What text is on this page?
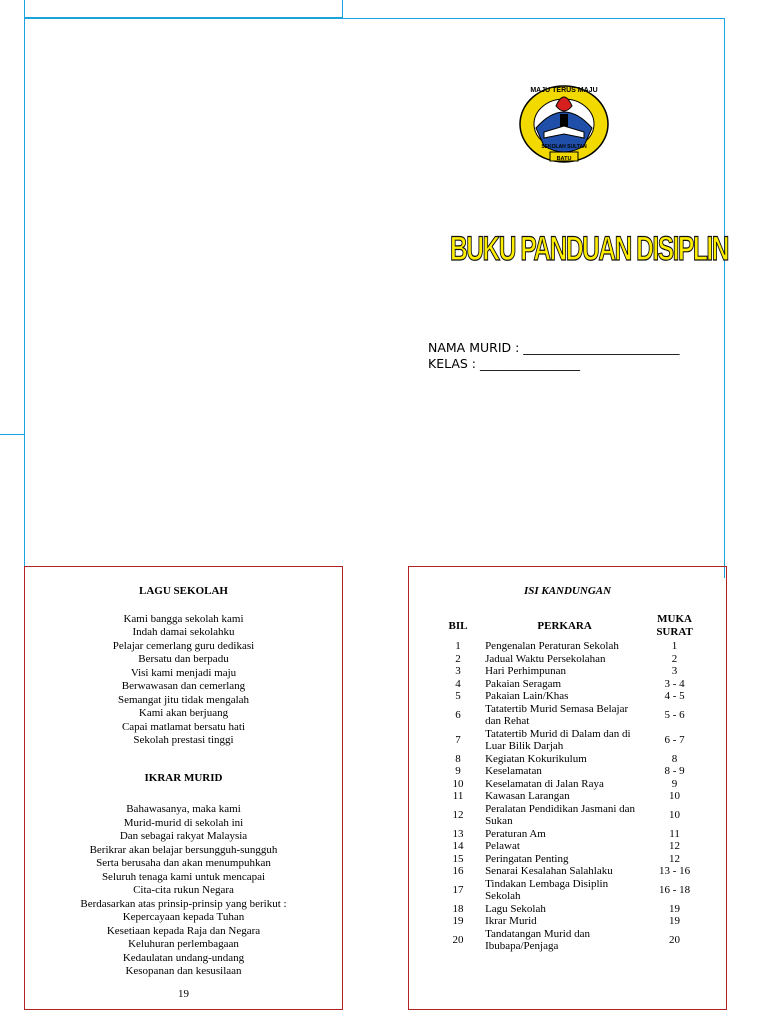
MAJU TERUS MAJU
BATU
SEKOLAH SULTAN
BUKU PANDUAN DISIPLIN
NAMA MURID : _________________________
KELAS : ________________
LAGU SEKOLAH
Kami bangga sekolah kami
Indah damai sekolahku
Pelajar cemerlang guru dedikasi
Bersatu dan berpadu
Visi kami menjadi maju
Berwawasan dan cemerlang
Semangat jitu tidak mengalah
Kami akan berjuang
Capai matlamat bersatu hati
Sekolah prestasi tinggi
IKRAR MURID
Bahawasanya, maka kami
Murid-murid di sekolah ini
Dan sebagai rakyat Malaysia
Berikrar akan belajar bersungguh-sungguh
Serta berusaha dan akan menumpuhkan
Seluruh tenaga kami untuk mencapai
Cita-cita rukun Negara
Berdasarkan atas prinsip-prinsip yang berikut :
Kepercayaan kepada Tuhan
Kesetiaan kepada Raja dan Negara
Keluhuran perlembagaan
Kedaulatan undang-undang
Kesopanan dan kesusilaan
19
ISI KANDUNGAN
BIL	PERKARA	MUKA SURAT
1	Pengenalan Peraturan Sekolah	1
2	Jadual Waktu Persekolahan	2
3	Hari Perhimpunan	3
4	Pakaian Seragam	3 - 4
5	Pakaian Lain/Khas	4 - 5
6	Tatatertib Murid Semasa Belajar dan Rehat	5 - 6
7	Tatatertib Murid di Dalam dan di Luar Bilik Darjah	6 - 7
8	Kegiatan Kokurikulum	8
9	Keselamatan	8 - 9
10	Keselamatan di Jalan Raya	9
11	Kawasan Larangan	10
12	Peralatan Pendidikan Jasmani dan Sukan	10
13	Peraturan Am	11
14	Pelawat	12
15	Peringatan Penting	12
16	Senarai Kesalahan Salahlaku	13 - 16
17	Tindakan Lembaga Disiplin Sekolah	16 - 18
18	Lagu Sekolah	19
19	Ikrar Murid	19
20	Tandatangan Murid dan Ibubapa/Penjaga	20
